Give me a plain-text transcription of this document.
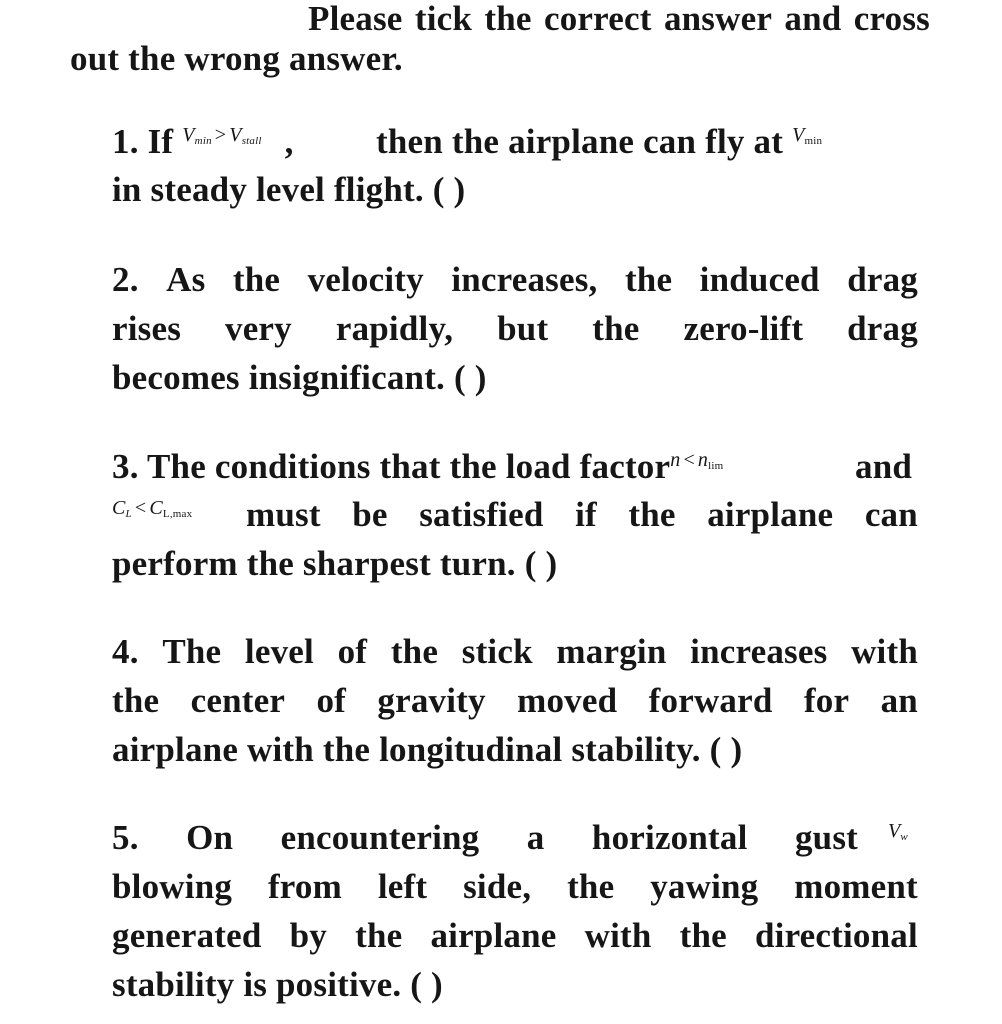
Please tick the correct answer and cross
out the wrong answer.
1. If $V_{min} > V_{stall}$ , then the airplane can fly at $V_{min}$
in steady level flight. ( )
2. As the velocity increases, the induced drag
rises very rapidly, but the zero-lift drag
becomes insignificant. ( )
3. The conditions that the load factorn < $n_{lim}$	and
$C_L < C_{L,max}$ must be satisfied if the airplane can
perform the sharpest turn. ( )
4. The level of the stick margin increases with
the center of gravity moved forward for an
airplane with the longitudinal stability. ( )
5. On encountering a horizontal gust $V_w$
blowing from left side, the yawing moment
generated by the airplane with the directional
stability is positive. ( )
